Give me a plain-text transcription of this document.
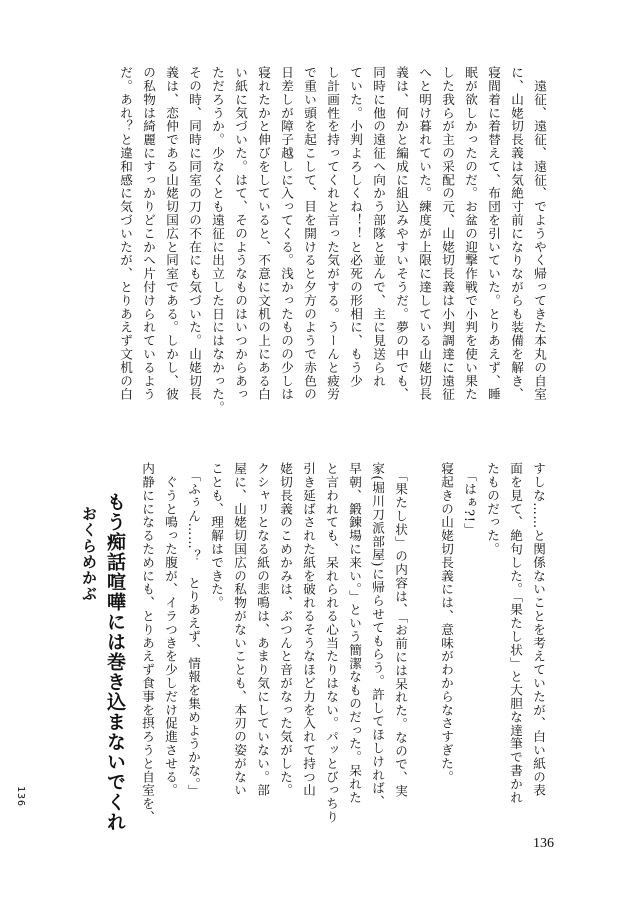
　遠征、遠征、遠征、でようやく帰ってきた本丸の自室

に、山姥切長義は気絶寸前になりながらも装備を解き、

寝間着に着替えて、布団を引いていた。とりあえず、睡

眠が欲しかったのだ。お盆の迎撃作戦で小判を使い果た

した我らが主の采配の元、山姥切長義は小判調達に遠征

へと明け暮れていた。練度が上限に達している山姥切長

義は、何かと編成に組込みやすいそうだ。夢の中でも、

同時に他の遠征へ向かう部隊と並んで、主に見送られ

ていた。小判よろしくね！！と必死の形相に、もう少

し計画性を持ってくれと言った気がする。うーんと疲労

で重い頭を起こして、目を開けると夕方のようで赤色の

日差しが障子越しに入ってくる。浅かったものの少しは

寝れたかと伸びをしていると、不意に文机の上にある白

い紙に気づいた。はて、そのようなものはいつからあっ

ただろうか。少なくとも遠征に出立した日にはなかった。

その時、同時に同室の刀の不在にも気づいた。山姥切長

義は、恋仲である山姥切国広と同室である。しかし、彼

の私物は綺麗にすっかりどこかへ片付けられているよう

だ。あれ？と違和感に気づいたが、とりあえず文机の白

すしな……と関係ないことを考えていたが、白い紙の表

面を見て、絶句した。「果たし状」と大胆な達筆で書かれ

たものだった。

　「はぁ?!」

寝起きの山姥切長義には、意味がわからなさすぎた。

　「果たし状」の内容は、「お前には呆れた。なので、実

家(堀川刀派部屋)に帰らせてもらう。許してほしければ、

早朝、鍛錬場に来い。」という簡潔なものだった。呆れた

と言われても、呆れられる心当たりはない。パッとびっちり

引き延ばされた紙を破れるそうなほど力を入れて持つ山

姥切長義のこめかみは、ぶつんと音がなった気がした。

クシャリとなる紙の悲鳴は、あまり気にしていない。部

屋に、山姥切国広の私物がないことも、本刃の姿がない

ことも、理解はできた。

　「ふぅん……？　とりあえず、情報を集めようかな。」

　ぐうと鳴った腹が、イラつきを少しだけ促進させる。

内静にになるためにも、とりあえず食事を摂ろうと自室を、

もう痴話喧嘩には巻き込まないでくれ
おくらめかぶ
136
136
